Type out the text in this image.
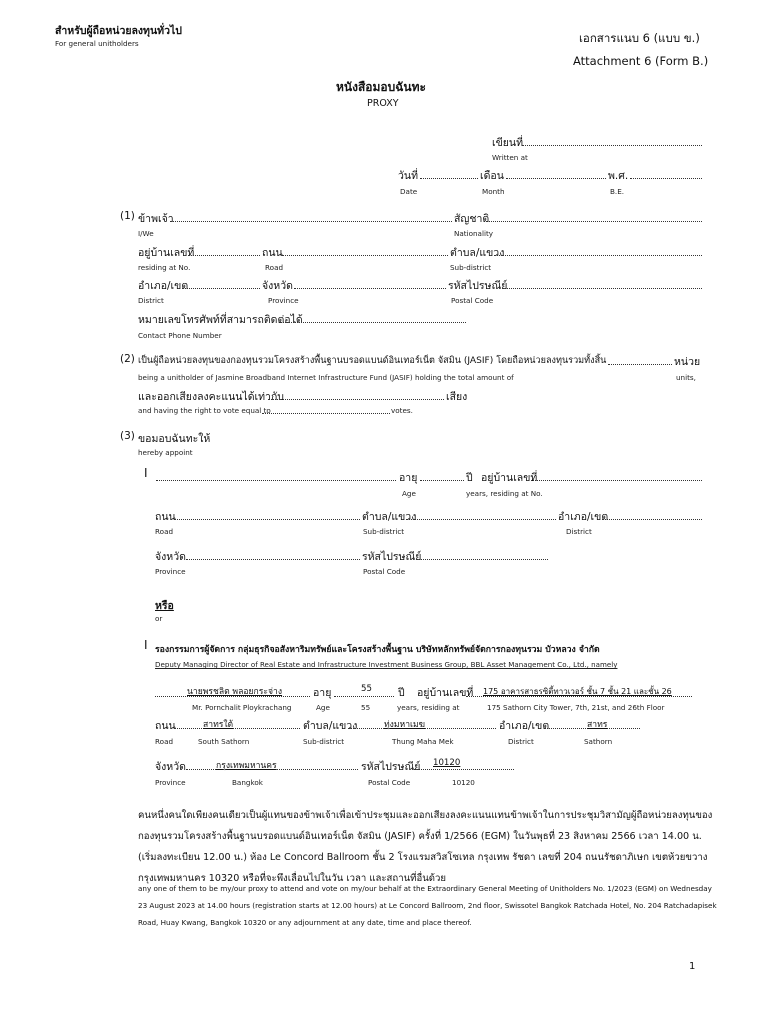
สำหรับผู้ถือหน่วยลงทุนทั่วไป
For general unitholders	เอกสารแนบ 6 (แบบ ข.)
Attachment 6 (Form B.)
หนังสือมอบฉันทะ
PROXY
เขียนที่
Written at
วันที่	เดือน	พ.ศ.
Date	Month	B.E.
(1) ข้าพเจ้า	สัญชาติ
I/We	Nationality
อยู่บ้านเลขที่	ถนน	ตำบล/แขวง
residing at No.	Road	Sub-district
อำเภอ/เขต	จังหวัด	รหัสไปรษณีย์
District	Province	Postal Code
หมายเลขโทรศัพท์ที่สามารถติดต่อได้
Contact Phone Number
(2) เป็นผู้ถือหน่วยลงทุนของกองทุนรวมโครงสร้างพื้นฐานบรอดแบนด์อินเทอร์เน็ต จัสมิน (JASIF) โดยถือหน่วยลงทุนรวมทั้งสิ้น	หน่วย
being a unitholder of Jasmine Broadband Internet Infrastructure Fund (JASIF) holding the total amount of	units,
และออกเสียงลงคะแนนได้เท่ากับ	เสียง
and having the right to vote equal to	votes.
(3) ขอมอบฉันทะให้
hereby appoint
I	อายุ	ปี อยู่บ้านเลขที่
Age	years, residing at No.
ถนน	ตำบล/แขวง	อำเภอ/เขต
Road	Sub-district	District
จังหวัด	รหัสไปรษณีย์
Province	Postal Code
หรือ
or
I รองกรรมการผู้จัดการ กลุ่มธุรกิจอสังหาริมทรัพย์และโครงสร้างพื้นฐาน บริษัทหลักทรัพย์จัดการกองทุนรวม บัวหลวง จำกัด
Deputy Managing Director of Real Estate and Infrastructure Investment Business Group, BBL Asset Management Co., Ltd., namely
นายพรชลิต พลอยกระจ่าง	อายุ	55 ปี อยู่บ้านเลขที่ 175 อาคารสาธรซิตี้ทาวเวอร์ ชั้น 7 ชั้น 21 และชั้น 26
Mr. Pornchalit Ploykrachang	Age	55	years, residing at	175 Sathorn City Tower, 7th, 21st, and 26th Floor
ถนน	สาทรใต้	ตำบล/แขวง	ทุ่งมหาเมฆ	อำเภอ/เขต	สาทร
Road	South Sathorn	Sub-district	Thung Maha Mek	District	Sathorn
จังหวัด	กรุงเทพมหานคร	รหัสไปรษณีย์ 10120
Province	Bangkok	Postal Code	10120
คนหนึ่งคนใดเพียงคนเดียวเป็นผู้แทนของข้าพเจ้าเพื่อเข้าประชุมและออกเสียงลงคะแนนแทนข้าพเจ้าในการประชุมวิสามัญผู้ถือหน่วยลงทุนของ
กองทุนรวมโครงสร้างพื้นฐานบรอดแบนด์อินเทอร์เน็ต จัสมิน (JASIF) ครั้งที่ 1/2566 (EGM) ในวันพุธที่ 23 สิงหาคม 2566 เวลา 14.00 น.
(เริ่มลงทะเบียน 12.00 น.) ห้อง Le Concord Ballroom ชั้น 2 โรงแรมสวิสโซเทล กรุงเทพ รัชดา เลขที่ 204 ถนนรัชดาภิเษก เขตห้วยขวาง
กรุงเทพมหานคร 10320 หรือที่จะพึงเลื่อนไปในวัน เวลา และสถานที่อื่นด้วย
any one of them to be my/our proxy to attend and vote on my/our behalf at the Extraordinary General Meeting of Unitholders No. 1/2023 (EGM) on Wednesday
23 August 2023 at 14.00 hours (registration starts at 12.00 hours) at Le Concord Ballroom, 2nd floor, Swissotel Bangkok Ratchada Hotel, No. 204 Ratchadapisek
Road, Huay Kwang, Bangkok 10320 or any adjournment at any date, time and place thereof.
1
